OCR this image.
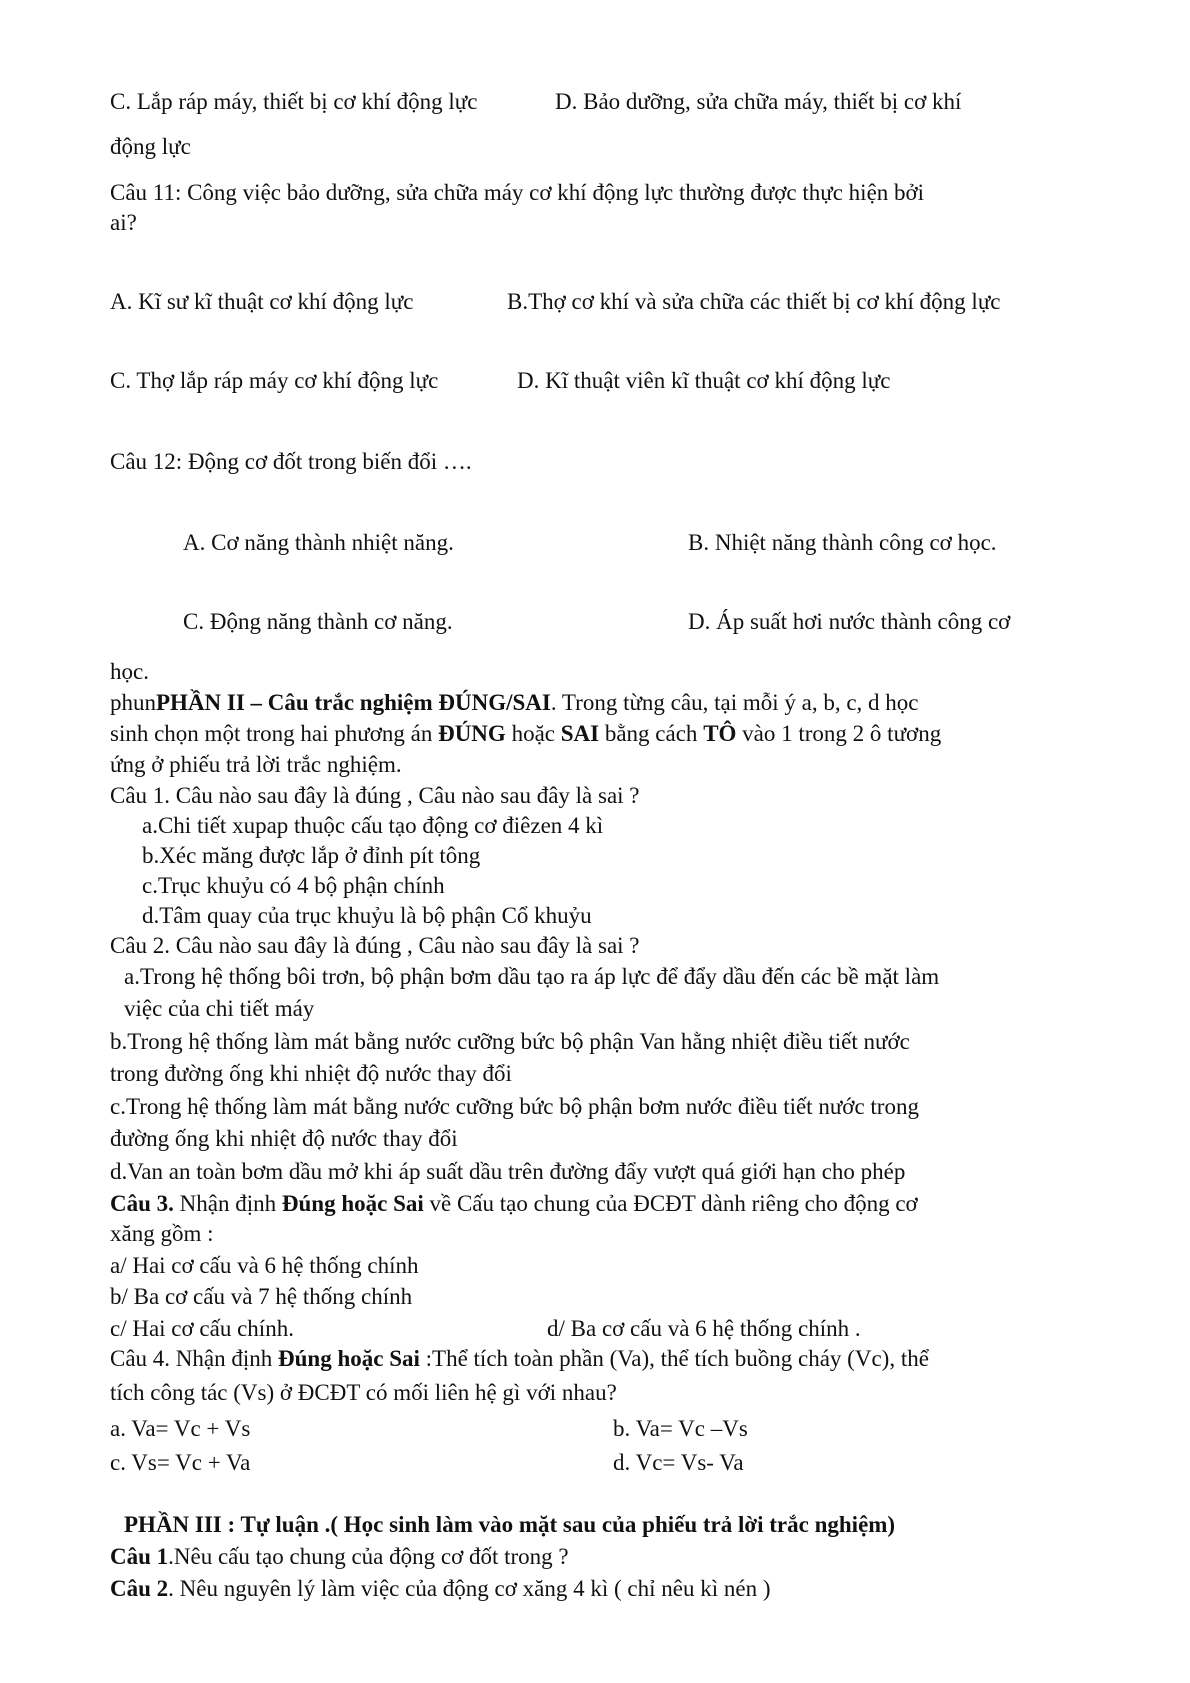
C. Lắp ráp máy, thiết bị cơ khí động lực	D. Bảo dưỡng, sửa chữa máy, thiết bị cơ khí
động lực
Câu 11: Công việc bảo dưỡng, sửa chữa máy cơ khí động lực thường được thực hiện bởi
ai?
A. Kĩ sư kĩ thuật cơ khí động lực	B.Thợ cơ khí và sửa chữa các thiết bị cơ khí động lực
C. Thợ lắp ráp máy cơ khí động lực	D. Kĩ thuật viên kĩ thuật cơ khí động lực
Câu 12: Động cơ đốt trong biến đổi ….
A. Cơ năng thành nhiệt năng.	B. Nhiệt năng thành công cơ học.
C. Động năng thành cơ năng.	D. Áp suất hơi nước thành công cơ
học.
phunPHẦN II – Câu trắc nghiệm ĐÚNG/SAI. Trong từng câu, tại mỗi ý a, b, c, d học
sinh chọn một trong hai phương án ĐÚNG hoặc SAI bằng cách TÔ vào 1 trong 2 ô tương
ứng ở phiếu trả lời trắc nghiệm.
Câu 1. Câu nào sau đây là đúng , Câu nào sau đây là sai ?
a.Chi tiết xupap thuộc cấu tạo động cơ điêzen 4 kì
b.Xéc măng được lắp ở đỉnh pít tông
c.Trục khuỷu có 4 bộ phận chính
d.Tâm quay của trục khuỷu là bộ phận Cổ khuỷu
Câu 2. Câu nào sau đây là đúng , Câu nào sau đây là sai ?
a.Trong hệ thống bôi trơn, bộ phận bơm dầu tạo ra áp lực để đẩy dầu đến các bề mặt làm
việc của chi tiết máy
b.Trong hệ thống làm mát bằng nước cưỡng bức bộ phận Van hằng nhiệt điều tiết nước
trong đường ống khi nhiệt độ nước thay đổi
c.Trong hệ thống làm mát bằng nước cưỡng bức bộ phận bơm nước điều tiết nước trong
đường ống khi nhiệt độ nước thay đổi
d.Van an toàn bơm dầu mở khi áp suất dầu trên đường đẩy vượt quá giới hạn cho phép
Câu 3. Nhận định Đúng hoặc Sai về Cấu tạo chung của ĐCĐT dành riêng cho động cơ
xăng gồm :
a/ Hai cơ cấu và 6 hệ thống chính
b/ Ba cơ cấu và 7 hệ thống chính
c/ Hai cơ cấu chính.	d/ Ba cơ cấu và 6 hệ thống chính .
Câu 4. Nhận định Đúng hoặc Sai :Thể tích toàn phần (Va), thể tích buồng cháy (Vc), thể
tích công tác (Vs) ở ĐCĐT có mối liên hệ gì với nhau?
a. Va= Vc + Vs	b. Va= Vc –Vs
c. Vs= Vc + Va	d. Vc= Vs- Va
PHẦN III : Tự luận .( Học sinh làm vào mặt sau của phiếu trả lời trắc nghiệm)
Câu 1.Nêu cấu tạo chung của động cơ đốt trong ?
Câu 2. Nêu nguyên lý làm việc của động cơ xăng 4 kì ( chỉ nêu kì nén )
